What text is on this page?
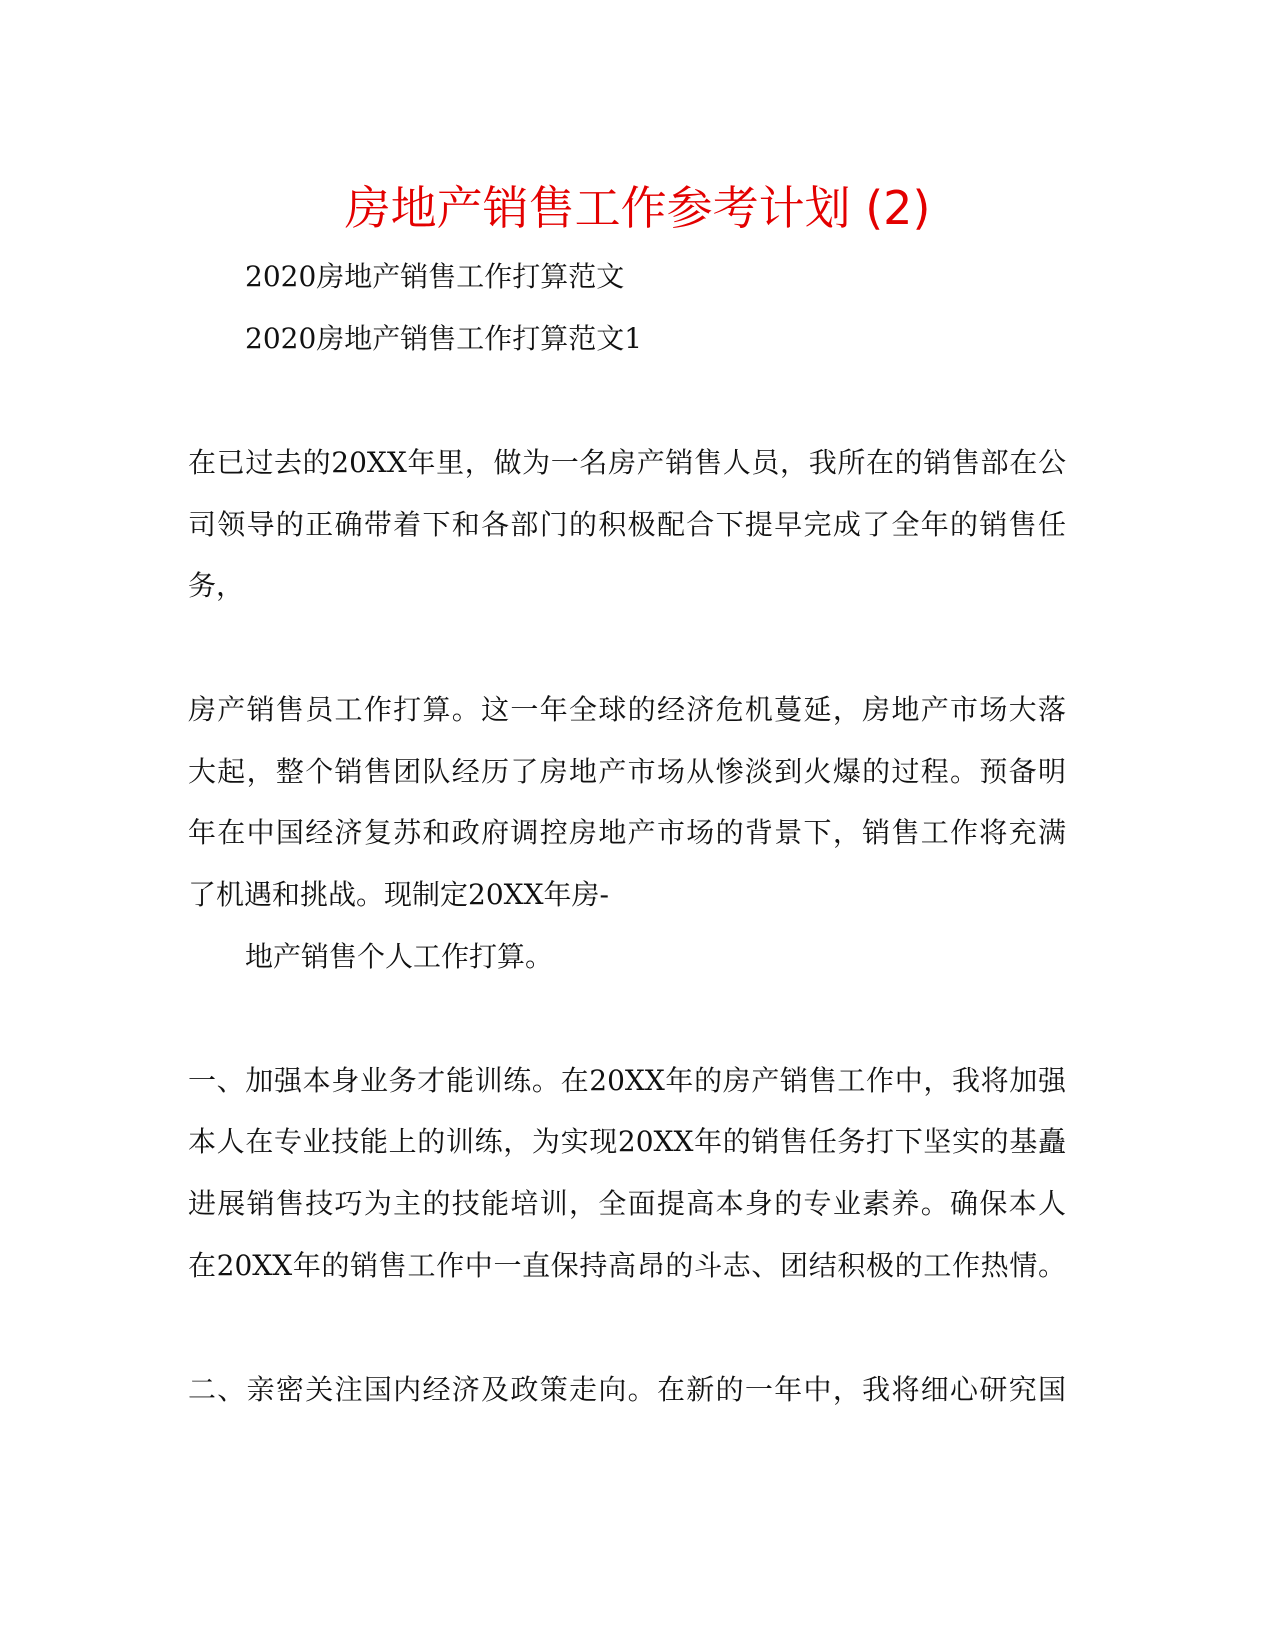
房地产销售工作参考计划 (2)
2020房地产销售工作打算范文
2020房地产销售工作打算范文1
在已过去的20XX年里，做为一名房产销售人员，我所在的销售部在公
司领导的正确带着下和各部门的积极配合下提早完成了全年的销售任
务，
房产销售员工作打算。这一年全球的经济危机蔓延，房地产市场大落
大起，整个销售团队经历了房地产市场从惨淡到火爆的过程。预备明
年在中国经济复苏和政府调控房地产市场的背景下，销售工作将充满
了机遇和挑战。现制定20XX年房-
地产销售个人工作打算。
一、加强本身业务才能训练。在20XX年的房产销售工作中，我将加强
本人在专业技能上的训练，为实现20XX年的销售任务打下坚实的基矗
进展销售技巧为主的技能培训，全面提高本身的专业素养。确保本人
在20XX年的销售工作中一直保持高昂的斗志、团结积极的工作热情。
二、亲密关注国内经济及政策走向。在新的一年中，我将细心研究国
